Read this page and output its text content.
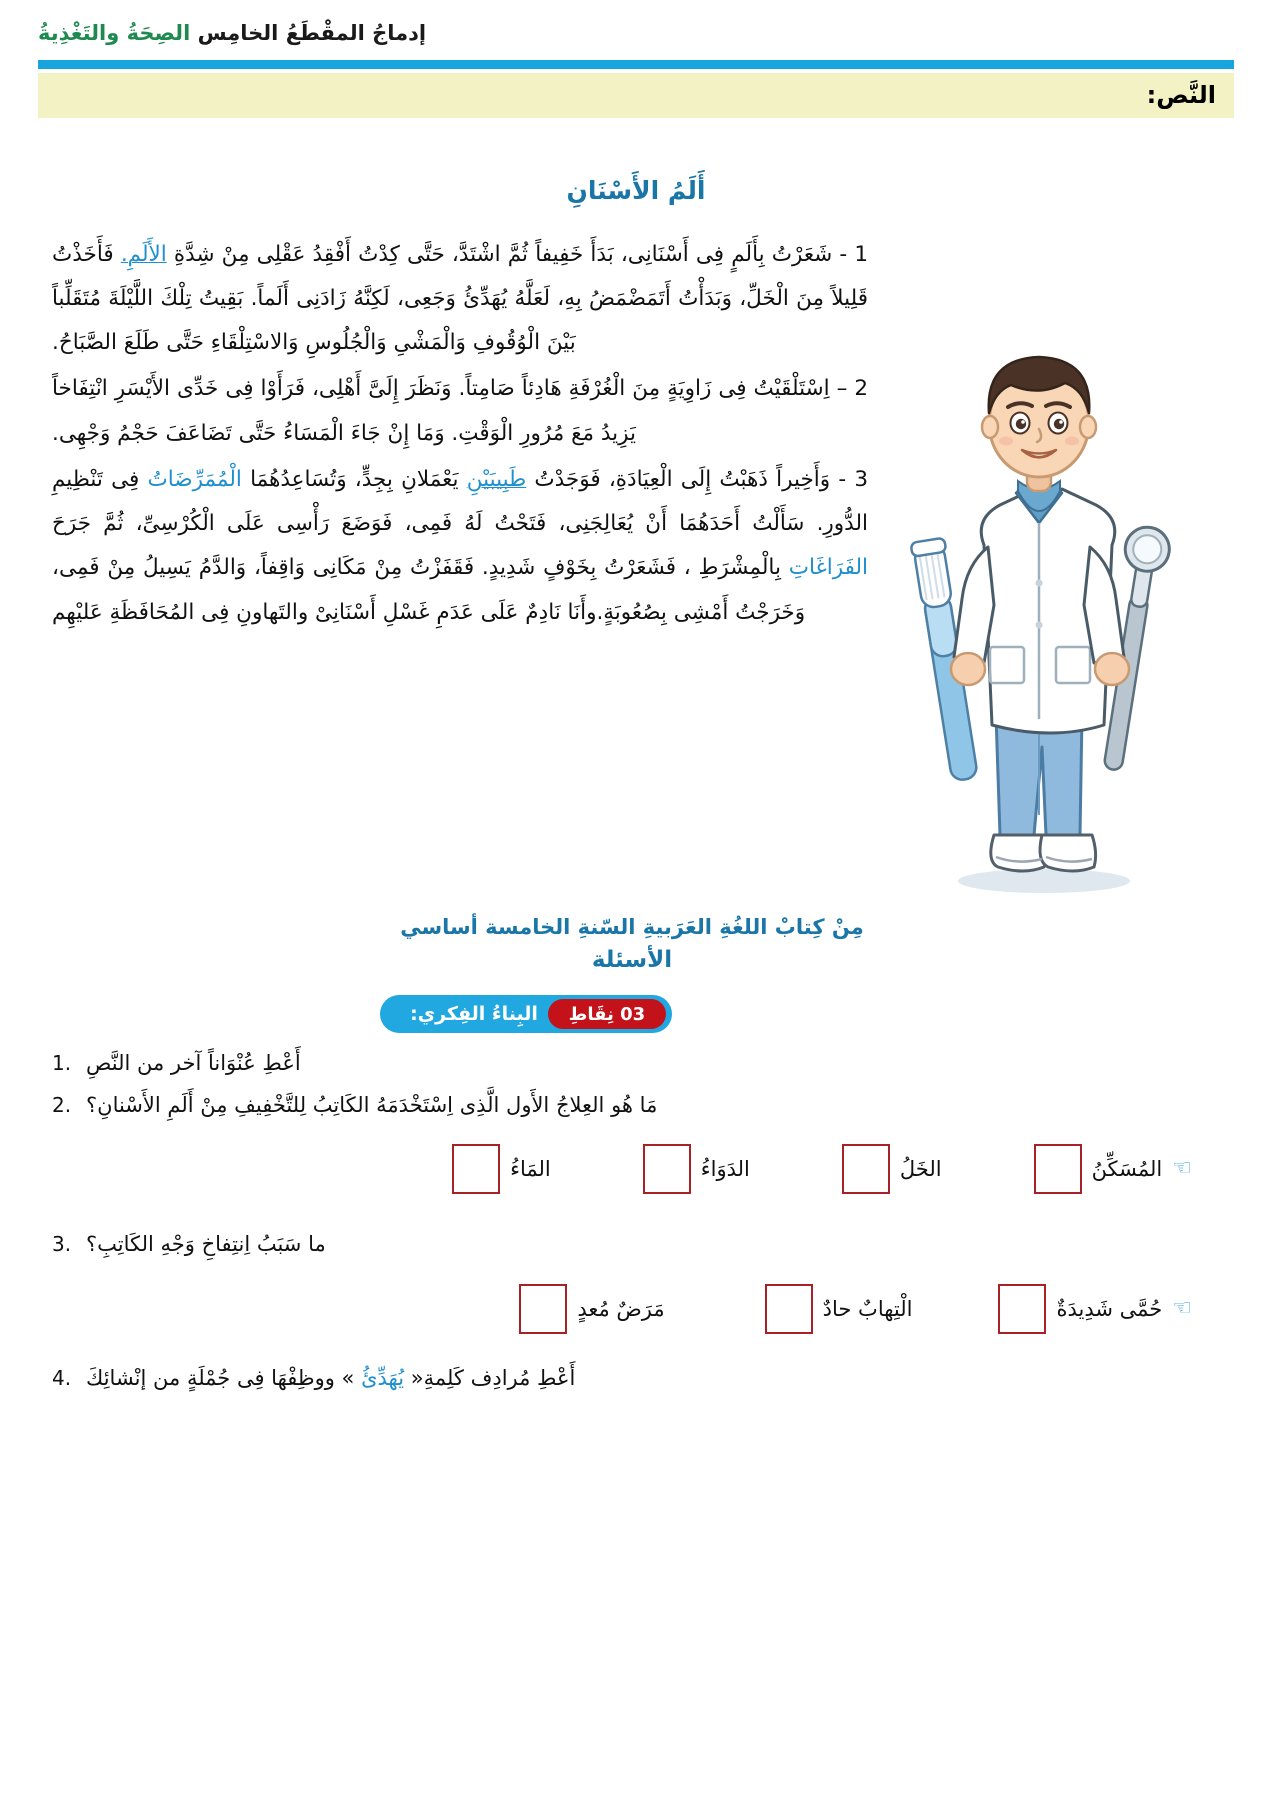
إدماجُ المقْطَعُ الخامِس الصِحَةُ والتَغْذِيةُ
النَّص:
أَلَمُ الأَسْنَانِ

1 - شَعَرْتُ بِأَلَمٍ فِى أَسْنَانِى، بَدَأَ خَفِيفاً ثُمَّ اشْتَدَّ، حَتَّى كِدْتُ أَفْقِدُ عَقْلِى مِنْ شِدَّةِ الأَلَمِ. فَأَخَذْتُ قَلِيلاً مِنَ الْخَلِّ، وَبَدَأْتُ أَتَمَضْمَضُ بِهِ، لَعَلَّهُ يُهَدِّئُ وَجَعِى، لَكِنَّهُ زَادَنِى أَلَماً. بَقِيتُ تِلْكَ اللَّيْلَةَ مُتَقَلِّباً بَيْنَ الْوُقُوفِ وَالْمَشْىِ وَالْجُلُوسِ وَالاسْتِلْقَاءِ حَتَّى طَلَعَ الصَّبَاحُ.

2 – اِسْتَلْقَيْتُ فِى زَاوِيَةٍ مِنَ الْغُرْفَةِ هَادِئاً صَامِتاً. وَنَظَرَ إِلَىَّ أَهْلِى، فَرَأَوْا فِى خَدِّى الأَيْسَرِ انْتِفَاخاً يَزِيدُ مَعَ مُرُورِ الْوَقْتِ. وَمَا إِنْ جَاءَ الْمَسَاءُ حَتَّى تَضَاعَفَ حَجْمُ وَجْهِى.

3 - وَأَخِيراً ذَهَبْتُ إِلَى الْعِيَادَةِ، فَوَجَدْتُ طَبِيبَيْنِ يَعْمَلانِ بِجِدٍّ، وَتُسَاعِدُهُمَا الْمُمَرِّضَاتُ فِى تَنْظِيمِ الدُّورِ. سَأَلْتُ أَحَدَهُمَا أَنْ يُعَالِجَنِى، فَتَحْتُ لَهُ فَمِى، فَوَضَعَ رَأْسِى عَلَى الْكُرْسِىِّ، ثُمَّ جَرَحَ الفَرَاغَاتِ بِالْمِشْرَطِ ، فَشَعَرْتُ بِخَوْفٍ شَدِيدٍ. فَقَفَزْتُ مِنْ مَكَانِى وَاقِفاً، وَالدَّمُ يَسِيلُ مِنْ فَمِى، وَخَرَجْتُ أَمْشِى بِصُعُوبَةٍ.وأَنَا نَادِمٌ عَلَى عَدَمِ غَسْلِ أَسْنَانِىْ والتَهاونِ فِى المُحَافَظَةِ عَليْهِم

مِنْ كِتابْ اللغُةِ العَرَبيةِ السّنةِ الخامسة أساسي
الأسئلة
03 نِقَاطِ
البِناءُ الفِكري:
أَعْطِ عُنْوَاناً آخر من النَّصِ
1.
مَا هُو العِلاجُ الأَول الَّذِى اِسْتَخْدَمَهُ الكَاتِبُ لِلتَّخْفِيفِ مِنْ أَلَمِ الأَسْنانِ؟
2.
☜
المُسَكِّنُ
الخَلُ
الدَوَاءُ
المَاءُ
ما سَبَبُ اِنتِفاخِ وَجْهِ الكَاتِبِ؟
3.
☜
حُمَّى شَدِيدَةٌ
الْتِهابٌ حادٌ
مَرَضٌ مُعدٍ
أَعْطِ مُرادِف كَلِمةِ« يُهَدِّئُ » ووظِفْهَا فِى جُمْلَةٍ من إنْشائِكَ
4.
